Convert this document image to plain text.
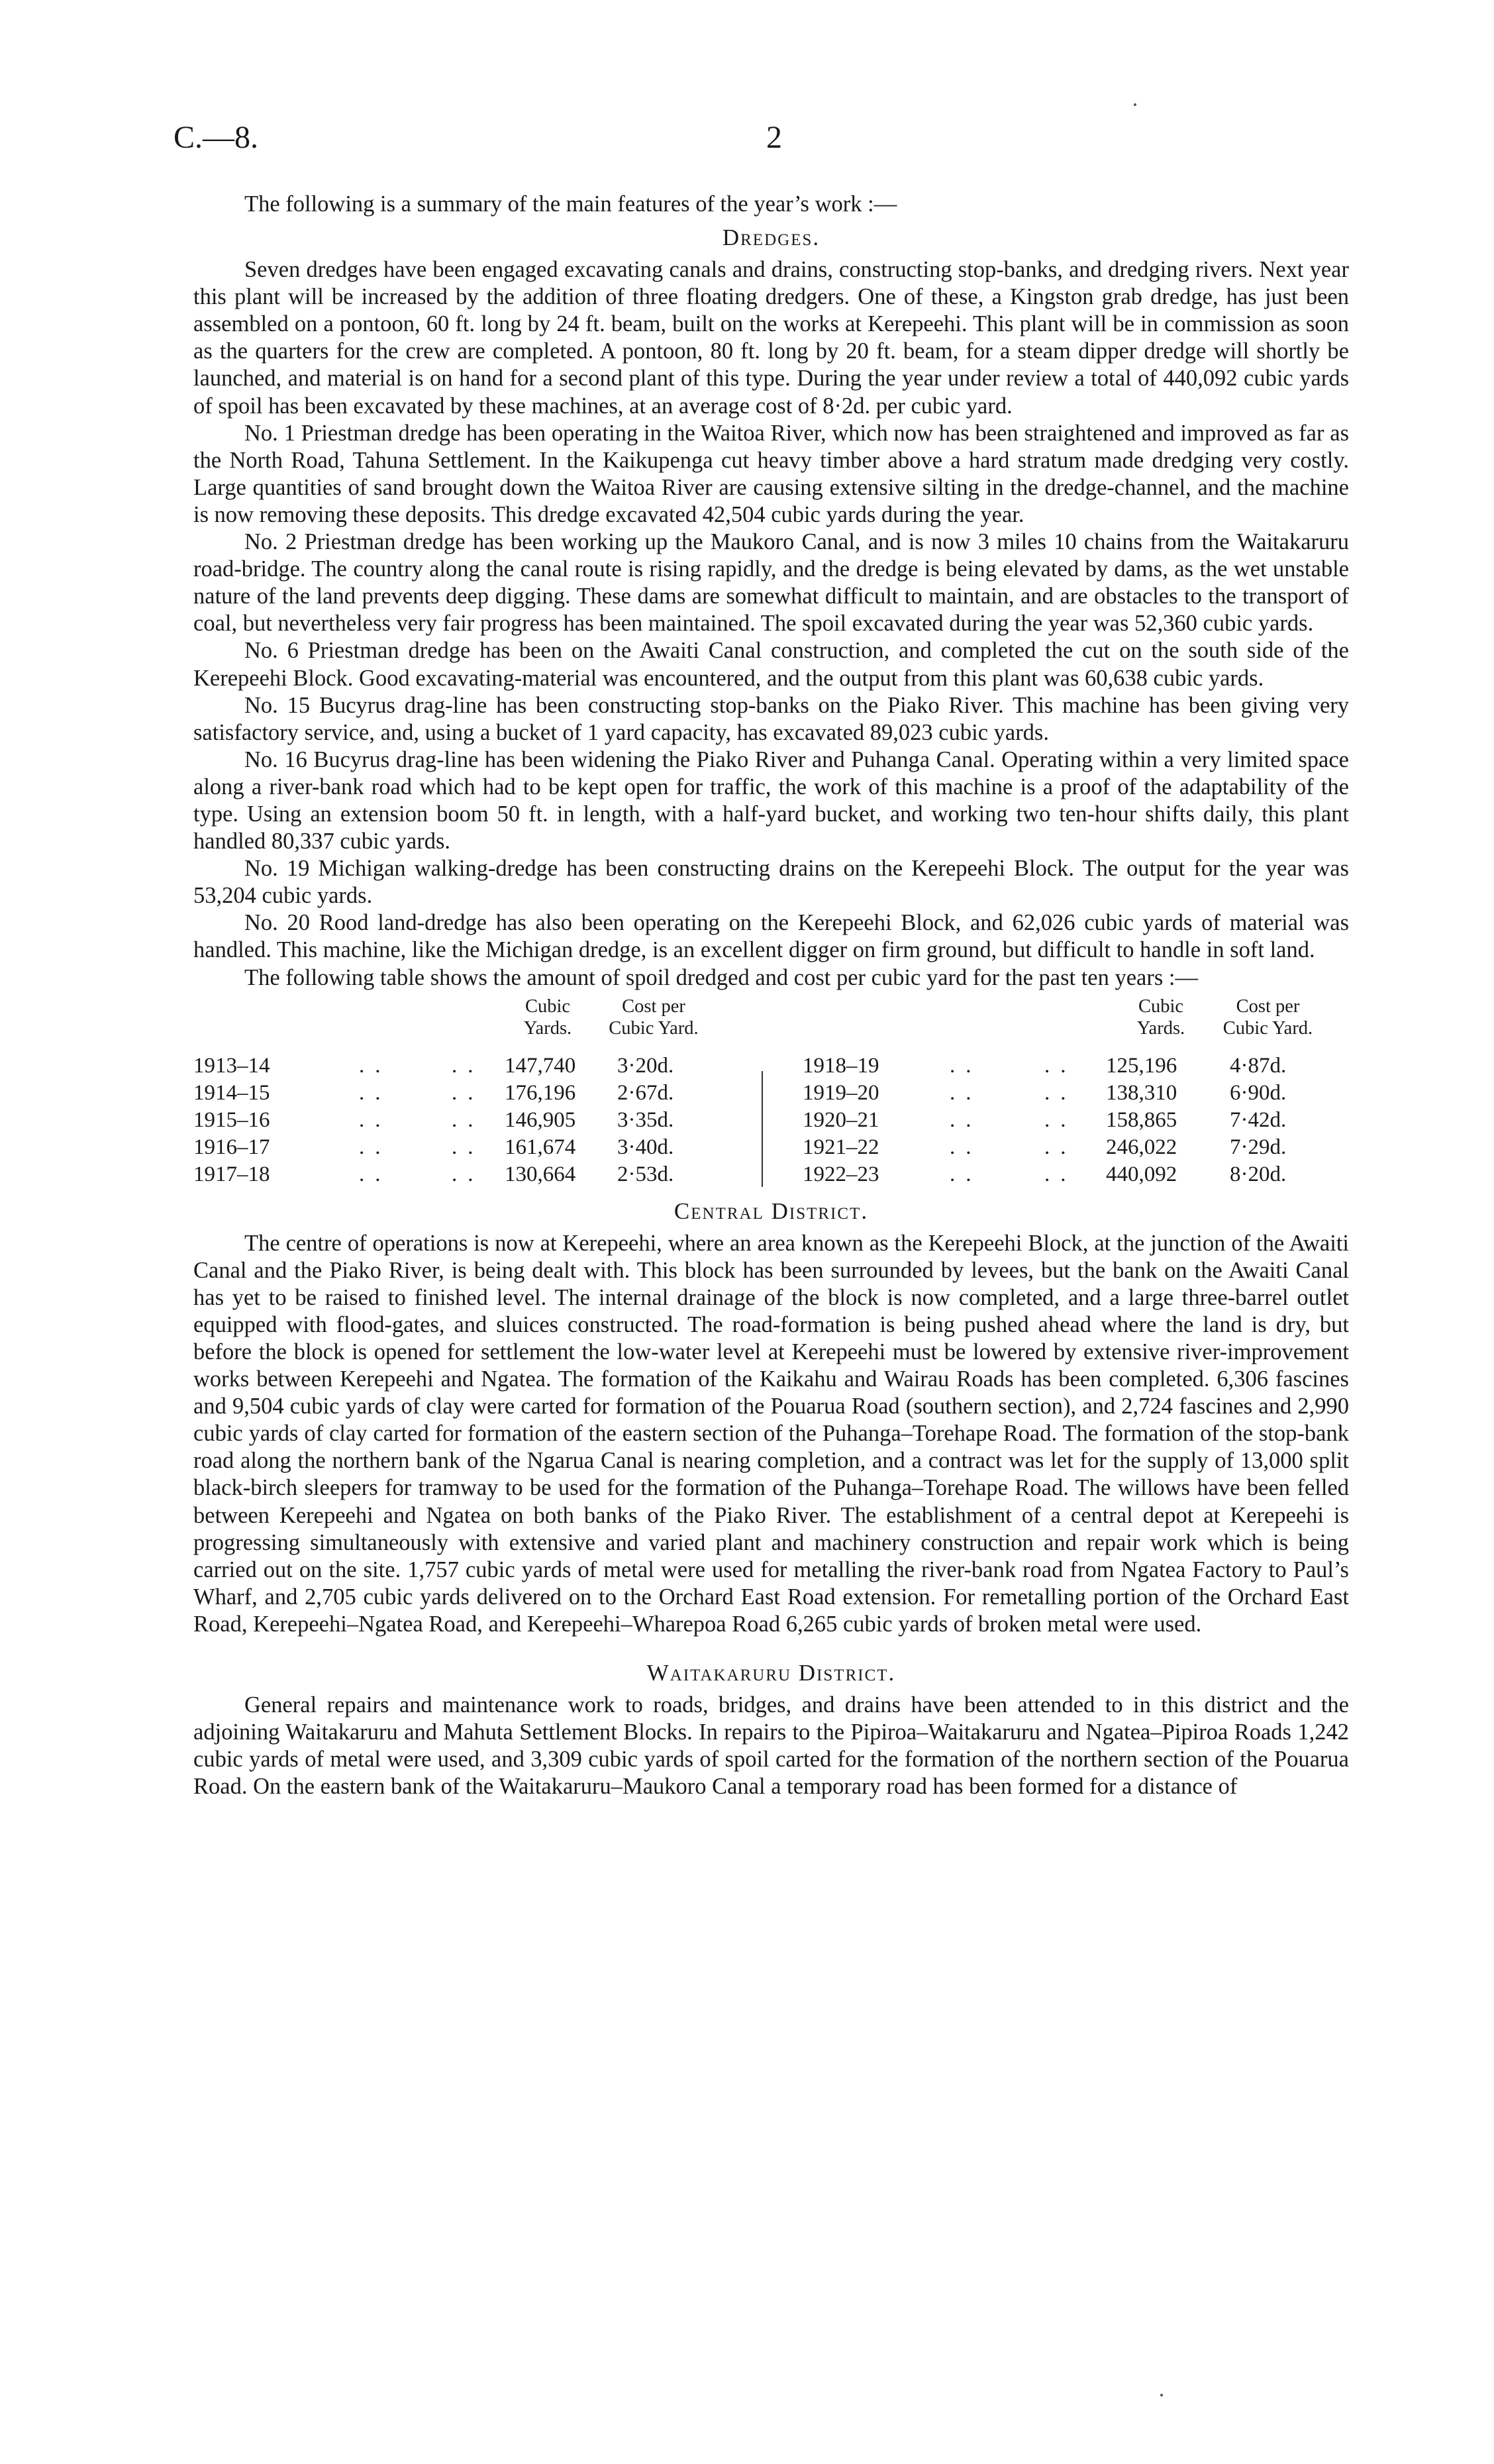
C.—8.	2

The following is a summary of the main features of the year’s work :—

Dredges.

Seven dredges have been engaged excavating canals and drains, constructing stop-banks, and dredging rivers. Next year this plant will be increased by the addition of three floating dredgers. One of these, a Kingston grab dredge, has just been assembled on a pontoon, 60 ft. long by 24 ft. beam, built on the works at Kerepeehi. This plant will be in commission as soon as the quarters for the crew are completed. A pontoon, 80 ft. long by 20 ft. beam, for a steam dipper dredge will shortly be launched, and material is on hand for a second plant of this type. During the year under review a total of 440,092 cubic yards of spoil has been excavated by these machines, at an average cost of 8·2d. per cubic yard.

No. 1 Priestman dredge has been operating in the Waitoa River, which now has been straightened and improved as far as the North Road, Tahuna Settlement. In the Kaikupenga cut heavy timber above a hard stratum made dredging very costly. Large quantities of sand brought down the Waitoa River are causing extensive silting in the dredge-channel, and the machine is now removing these deposits. This dredge excavated 42,504 cubic yards during the year.

No. 2 Priestman dredge has been working up the Maukoro Canal, and is now 3 miles 10 chains from the Waitakaruru road-bridge. The country along the canal route is rising rapidly, and the dredge is being elevated by dams, as the wet unstable nature of the land prevents deep digging. These dams are somewhat difficult to maintain, and are obstacles to the transport of coal, but nevertheless very fair progress has been maintained. The spoil excavated during the year was 52,360 cubic yards.

No. 6 Priestman dredge has been on the Awaiti Canal construction, and completed the cut on the south side of the Kerepeehi Block. Good excavating-material was encountered, and the output from this plant was 60,638 cubic yards.

No. 15 Bucyrus drag-line has been constructing stop-banks on the Piako River. This machine has been giving very satisfactory service, and, using a bucket of 1 yard capacity, has excavated 89,023 cubic yards.

No. 16 Bucyrus drag-line has been widening the Piako River and Puhanga Canal. Operating within a very limited space along a river-bank road which had to be kept open for traffic, the work of this machine is a proof of the adaptability of the type. Using an extension boom 50 ft. in length, with a half-yard bucket, and working two ten-hour shifts daily, this plant handled 80,337 cubic yards.

No. 19 Michigan walking-dredge has been constructing drains on the Kerepeehi Block. The output for the year was 53,204 cubic yards.

No. 20 Rood land-dredge has also been operating on the Kerepeehi Block, and 62,026 cubic yards of material was handled. This machine, like the Michigan dredge, is an excellent digger on firm ground, but difficult to handle in soft land.

The following table shows the amount of spoil dredged and cost per cubic yard for the past ten years :—

Cubic
Yards.
Cost per
Cubic Yard.
Cubic
Yards.
Cost per
Cubic Yard.
1913–14	..	.. 147,740 3·20d.
1914–15	..	.. 176,196 2·67d.
1915–16	..	.. 146,905 3·35d.
1916–17	..	.. 161,674 3·40d.
1917–18	..	.. 130,664 2·53d.
1918–19	..	.. 125,196 4·87d.
1919–20	..	.. 138,310 6·90d.
1920–21	..	.. 158,865 7·42d.
1921–22	..	.. 246,022 7·29d.
1922–23	..	.. 440,092 8·20d.
Central District.

The centre of operations is now at Kerepeehi, where an area known as the Kerepeehi Block, at the junction of the Awaiti Canal and the Piako River, is being dealt with. This block has been surrounded by levees, but the bank on the Awaiti Canal has yet to be raised to finished level. The internal drainage of the block is now completed, and a large three-barrel outlet equipped with flood-gates, and sluices constructed. The road-formation is being pushed ahead where the land is dry, but before the block is opened for settlement the low-water level at Kerepeehi must be lowered by extensive river-improvement works between Kerepeehi and Ngatea. The formation of the Kaikahu and Wairau Roads has been completed. 6,306 fascines and 9,504 cubic yards of clay were carted for formation of the Pouarua Road (southern section), and 2,724 fascines and 2,990 cubic yards of clay carted for formation of the eastern section of the Puhanga–Torehape Road. The formation of the stop-bank road along the northern bank of the Ngarua Canal is nearing completion, and a contract was let for the supply of 13,000 split black-birch sleepers for tramway to be used for the formation of the Puhanga–Torehape Road. The willows have been felled between Kerepeehi and Ngatea on both banks of the Piako River. The establishment of a central depot at Kerepeehi is progressing simultaneously with extensive and varied plant and machinery construction and repair work which is being carried out on the site. 1,757 cubic yards of metal were used for metalling the river-bank road from Ngatea Factory to Paul’s Wharf, and 2,705 cubic yards delivered on to the Orchard East Road extension. For remetalling portion of the Orchard East Road, Kerepeehi–Ngatea Road, and Kerepeehi–Wharepoa Road 6,265 cubic yards of broken metal were used.

Waitakaruru District.

General repairs and maintenance work to roads, bridges, and drains have been attended to in this district and the adjoining Waitakaruru and Mahuta Settlement Blocks. In repairs to the Pipiroa–Waitakaruru and Ngatea–Pipiroa Roads 1,242 cubic yards of metal were used, and 3,309 cubic yards of spoil carted for the formation of the northern section of the Pouarua Road. On the eastern bank of the Waitakaruru–Maukoro Canal a temporary road has been formed for a distance of
